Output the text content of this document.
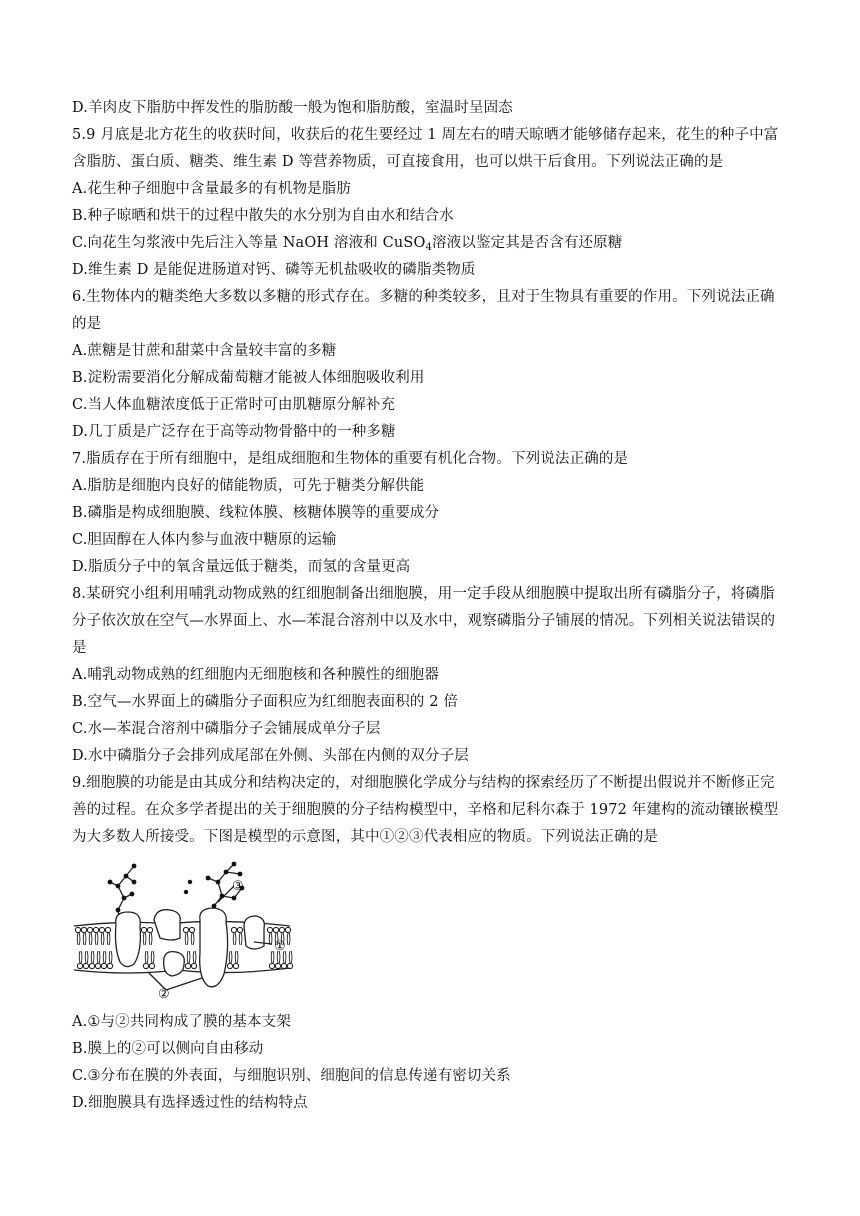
D.羊肉皮下脂肪中挥发性的脂肪酸一般为饱和脂肪酸，室温时呈固态
5.9 月底是北方花生的收获时间，收获后的花生要经过 1 周左右的晴天晾晒才能够储存起来，花生的种子中富
含脂肪、蛋白质、糖类、维生素 D 等营养物质，可直接食用，也可以烘干后食用。下列说法正确的是
A.花生种子细胞中含量最多的有机物是脂肪
B.种子晾晒和烘干的过程中散失的水分别为自由水和结合水
C.向花生匀浆液中先后注入等量 NaOH 溶液和 CuSO$_4$溶液以鉴定其是否含有还原糖
D.维生素 D 是能促进肠道对钙、磷等无机盐吸收的磷脂类物质
6.生物体内的糖类绝大多数以多糖的形式存在。多糖的种类较多，且对于生物具有重要的作用。下列说法正确
的是
A.蔗糖是甘蔗和甜菜中含量较丰富的多糖
B.淀粉需要消化分解成葡萄糖才能被人体细胞吸收利用
C.当人体血糖浓度低于正常时可由肌糖原分解补充
D.几丁质是广泛存在于高等动物骨骼中的一种多糖
7.脂质存在于所有细胞中，是组成细胞和生物体的重要有机化合物。下列说法正确的是
A.脂肪是细胞内良好的储能物质，可先于糖类分解供能
B.磷脂是构成细胞膜、线粒体膜、核糖体膜等的重要成分
C.胆固醇在人体内参与血液中糖原的运输
D.脂质分子中的氧含量远低于糖类，而氢的含量更高
8.某研究小组利用哺乳动物成熟的红细胞制备出细胞膜，用一定手段从细胞膜中提取出所有磷脂分子，将磷脂
分子依次放在空气—水界面上、水—苯混合溶剂中以及水中，观察磷脂分子铺展的情况。下列相关说法错误的
是
A.哺乳动物成熟的红细胞内无细胞核和各种膜性的细胞器
B.空气—水界面上的磷脂分子面积应为红细胞表面积的 2 倍
C.水—苯混合溶剂中磷脂分子会铺展成单分子层
D.水中磷脂分子会排列成尾部在外侧、头部在内侧的双分子层
9.细胞膜的功能是由其成分和结构决定的，对细胞膜化学成分与结构的探索经历了不断提出假说并不断修正完
善的过程。在众多学者提出的关于细胞膜的分子结构模型中，辛格和尼科尔森于 1972 年建构的流动镶嵌模型
为大多数人所接受。下图是模型的示意图，其中①②③代表相应的物质。下列说法正确的是
③
①
②
A.①与②共同构成了膜的基本支架
B.膜上的②可以侧向自由移动
C.③分布在膜的外表面，与细胞识别、细胞间的信息传递有密切关系
D.细胞膜具有选择透过性的结构特点
